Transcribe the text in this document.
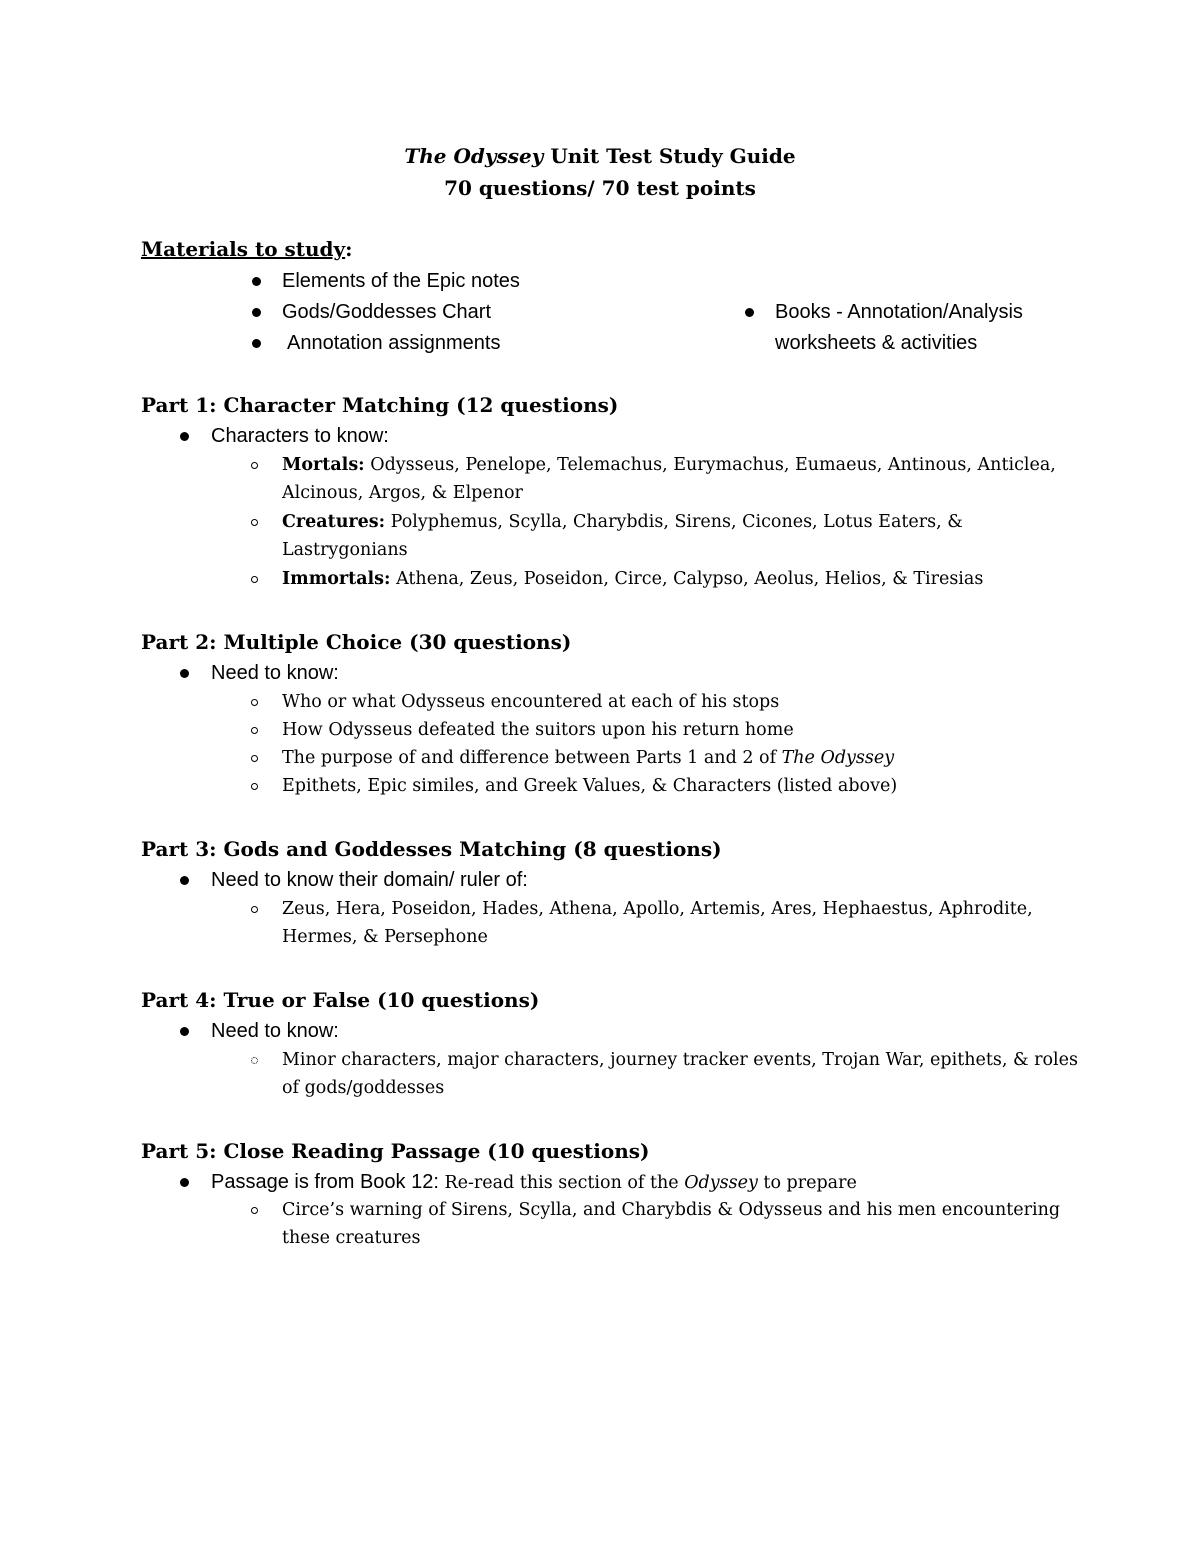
The Odyssey Unit Test Study Guide
70 questions/ 70 test points
Materials to study:
Elements of the Epic notes
Gods/Goddesses Chart
Annotation assignments
Books - Annotation/Analysis
worksheets & activities
Part 1: Character Matching (12 questions)
Characters to know:
Mortals: Odysseus, Penelope, Telemachus, Eurymachus, Eumaeus, Antinous, Anticlea,
Alcinous, Argos, & Elpenor
Creatures: Polyphemus, Scylla, Charybdis, Sirens, Cicones, Lotus Eaters, &
Lastrygonians
Immortals: Athena, Zeus, Poseidon, Circe, Calypso, Aeolus, Helios, & Tiresias
Part 2: Multiple Choice (30 questions)
Need to know:
Who or what Odysseus encountered at each of his stops
How Odysseus defeated the suitors upon his return home
The purpose of and difference between Parts 1 and 2 of The Odyssey
Epithets, Epic similes, and Greek Values, & Characters (listed above)
Part 3: Gods and Goddesses Matching (8 questions)
Need to know their domain/ ruler of:
Zeus, Hera, Poseidon, Hades, Athena, Apollo, Artemis, Ares, Hephaestus, Aphrodite,
Hermes, & Persephone
Part 4: True or False (10 questions)
Need to know:
Minor characters, major characters, journey tracker events, Trojan War, epithets, & roles
of gods/goddesses
Part 5: Close Reading Passage (10 questions)
Passage is from Book 12: Re-read this section of the Odyssey to prepare
Circe’s warning of Sirens, Scylla, and Charybdis & Odysseus and his men encountering
these creatures
